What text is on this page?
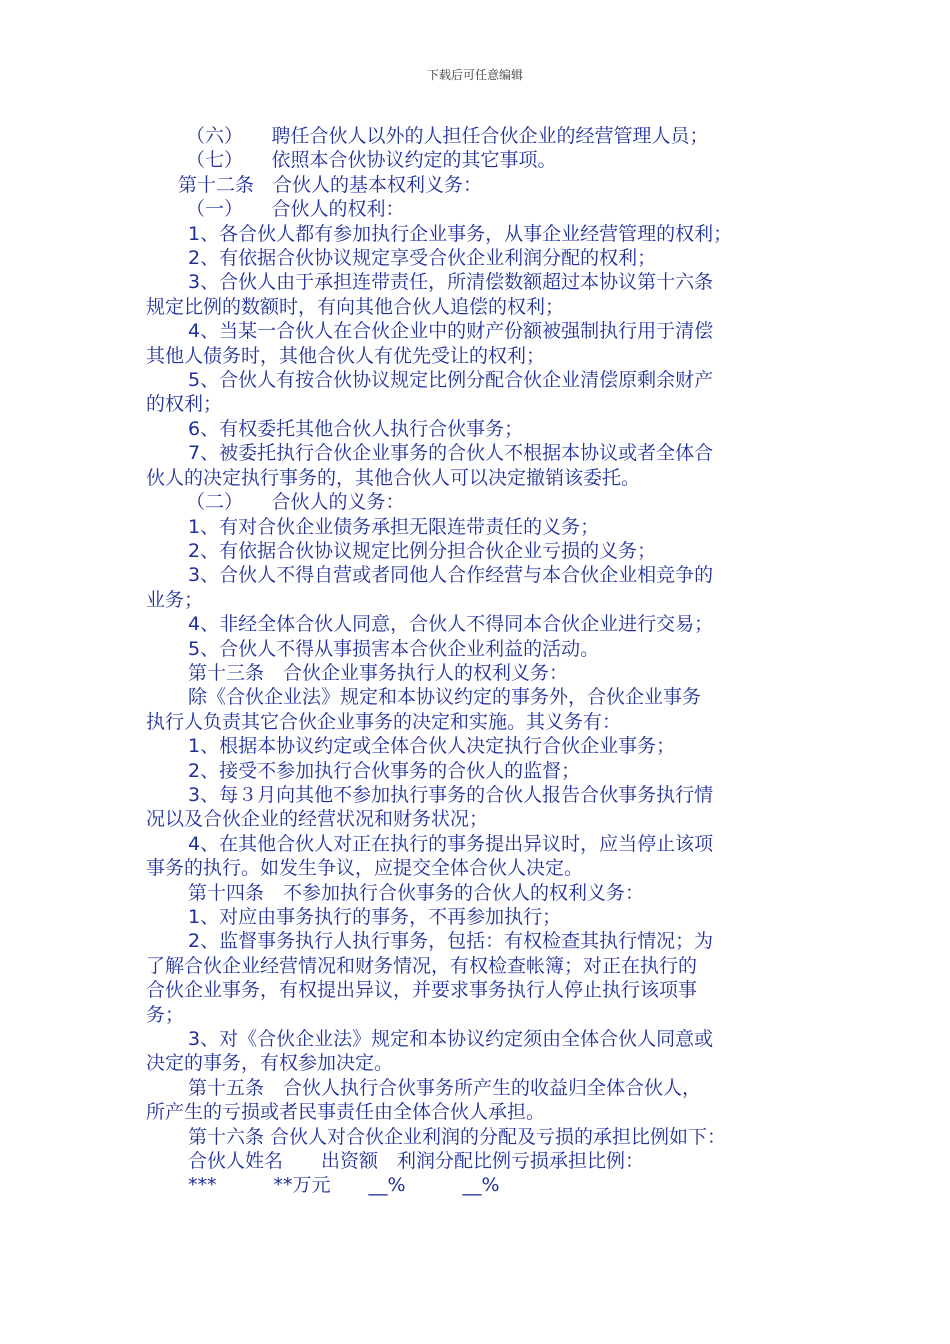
下载后可任意编辑

（六）　　聘任合伙人以外的人担任合伙企业的经营管理人员；

（七）　　依照本合伙协议约定的其它事项。

第十二条　合伙人的基本权利义务：

（一）　　合伙人的权利：

1、各合伙人都有参加执行企业事务，从事企业经营管理的权利；

2、有依据合伙协议规定享受合伙企业利润分配的权利；

3、合伙人由于承担连带责任，所清偿数额超过本协议第十六条

规定比例的数额时，有向其他合伙人追偿的权利；

4、当某一合伙人在合伙企业中的财产份额被强制执行用于清偿

其他人债务时，其他合伙人有优先受让的权利；

5、合伙人有按合伙协议规定比例分配合伙企业清偿原剩余财产

的权利；

6、有权委托其他合伙人执行合伙事务；

7、被委托执行合伙企业事务的合伙人不根据本协议或者全体合

伙人的决定执行事务的，其他合伙人可以决定撤销该委托。

（二）　　合伙人的义务：

1、有对合伙企业债务承担无限连带责任的义务；

2、有依据合伙协议规定比例分担合伙企业亏损的义务；

3、合伙人不得自营或者同他人合作经营与本合伙企业相竞争的

业务；

4、非经全体合伙人同意，合伙人不得同本合伙企业进行交易；

5、合伙人不得从事损害本合伙企业利益的活动。

第十三条　合伙企业事务执行人的权利义务：

除《合伙企业法》规定和本协议约定的事务外，合伙企业事务

执行人负责其它合伙企业事务的决定和实施。其义务有：

1、根据本协议约定或全体合伙人决定执行合伙企业事务；

2、接受不参加执行合伙事务的合伙人的监督；

3、每３月向其他不参加执行事务的合伙人报告合伙事务执行情

况以及合伙企业的经营状况和财务状况；

4、在其他合伙人对正在执行的事务提出异议时，应当停止该项

事务的执行。如发生争议，应提交全体合伙人决定。

第十四条　不参加执行合伙事务的合伙人的权利义务：

1、对应由事务执行的事务，不再参加执行；

2、监督事务执行人执行事务，包括：有权检查其执行情况；为

了解合伙企业经营情况和财务情况，有权检查帐簿；对正在执行的

合伙企业事务，有权提出异议，并要求事务执行人停止执行该项事

务；

3、对《合伙企业法》规定和本协议约定须由全体合伙人同意或

决定的事务，有权参加决定。

第十五条　合伙人执行合伙事务所产生的收益归全体合伙人，

所产生的亏损或者民事责任由全体合伙人承担。

第十六条 合伙人对合伙企业利润的分配及亏损的承担比例如下：

合伙人姓名　　出资额　利润分配比例亏损承担比例：

***　　　**万元　　__%　　　__%
